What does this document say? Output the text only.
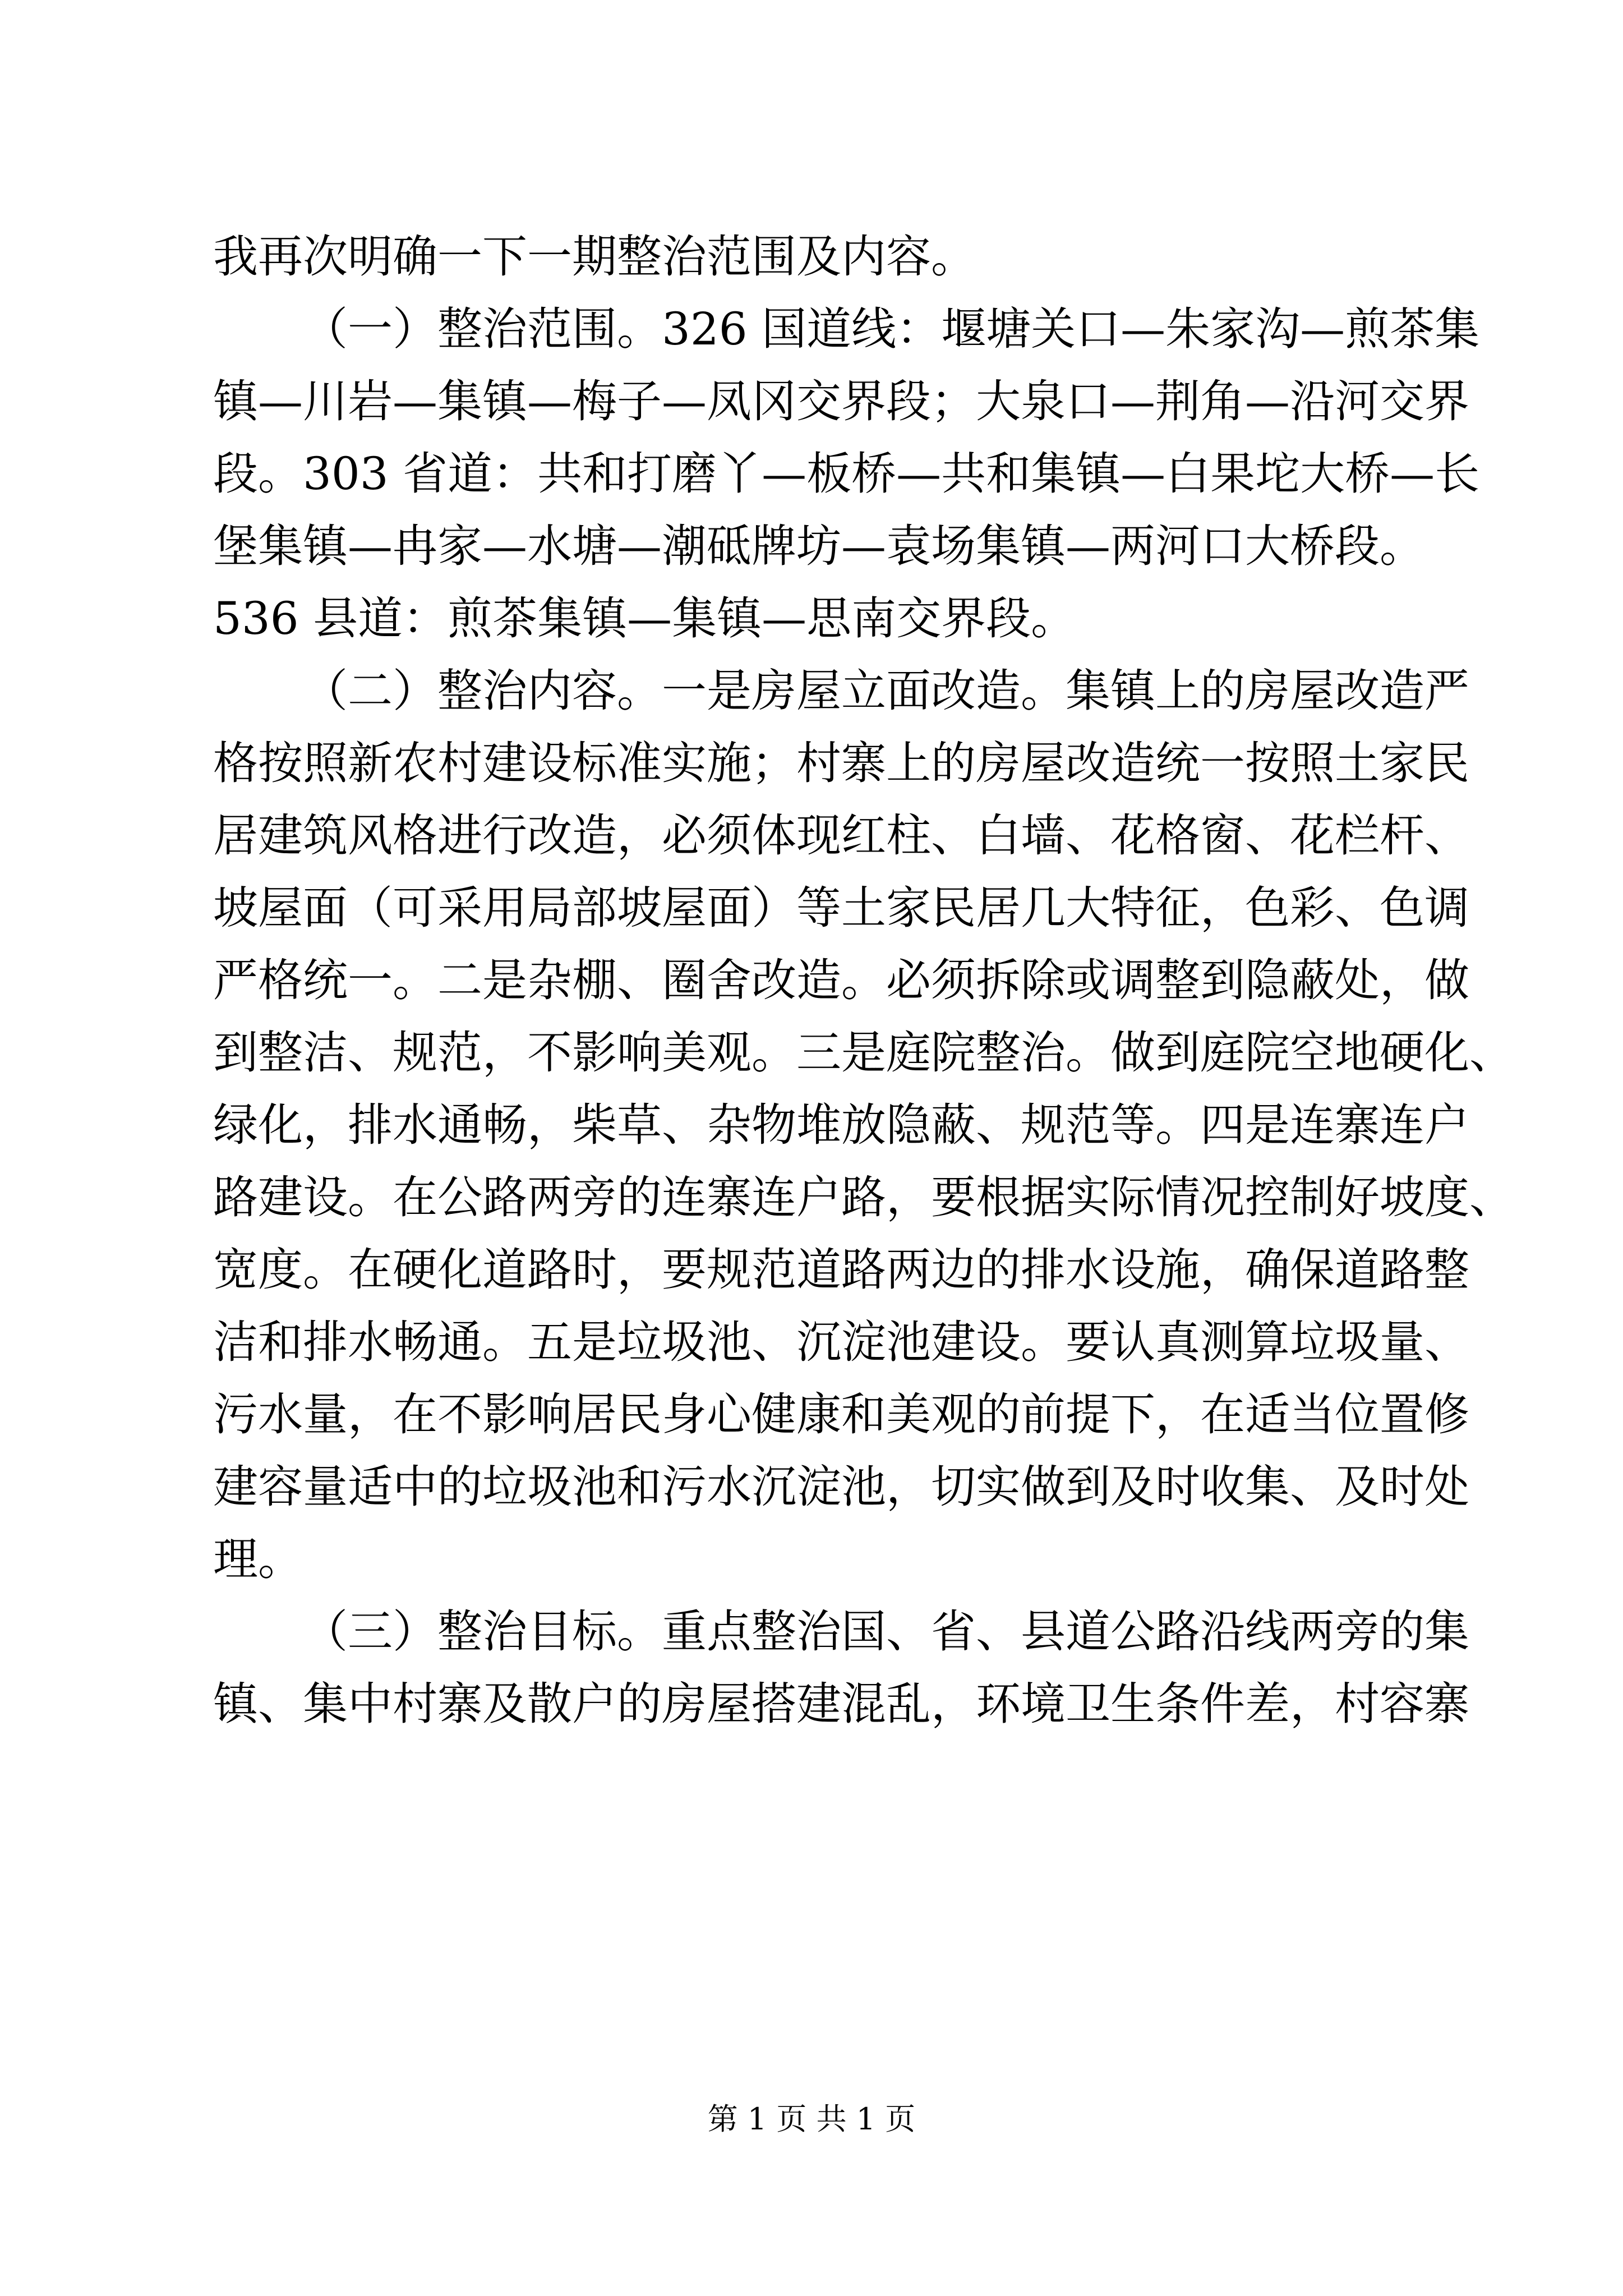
我再次明确一下一期整治范围及内容。
（一）整治范围。326 国道线：堰塘关口—朱家沟—煎茶集
镇—川岩—集镇—梅子—凤冈交界段；大泉口—荆角—沿河交界
段。303 省道：共和打磨丫—板桥—共和集镇—白果坨大桥—长
堡集镇—冉家—水塘—潮砥牌坊—袁场集镇—两河口大桥段。
536 县道：煎茶集镇—集镇—思南交界段。
（二）整治内容。一是房屋立面改造。集镇上的房屋改造严
格按照新农村建设标准实施；村寨上的房屋改造统一按照土家民
居建筑风格进行改造，必须体现红柱、白墙、花格窗、花栏杆、
坡屋面（可采用局部坡屋面）等土家民居几大特征，色彩、色调
严格统一。二是杂棚、圈舍改造。必须拆除或调整到隐蔽处，做
到整洁、规范，不影响美观。三是庭院整治。做到庭院空地硬化、
绿化，排水通畅，柴草、杂物堆放隐蔽、规范等。四是连寨连户
路建设。在公路两旁的连寨连户路，要根据实际情况控制好坡度、
宽度。在硬化道路时，要规范道路两边的排水设施，确保道路整
洁和排水畅通。五是垃圾池、沉淀池建设。要认真测算垃圾量、
污水量，在不影响居民身心健康和美观的前提下，在适当位置修
建容量适中的垃圾池和污水沉淀池，切实做到及时收集、及时处
理。
（三）整治目标。重点整治国、省、县道公路沿线两旁的集
镇、集中村寨及散户的房屋搭建混乱，环境卫生条件差，村容寨
第 1 页 共 1 页
